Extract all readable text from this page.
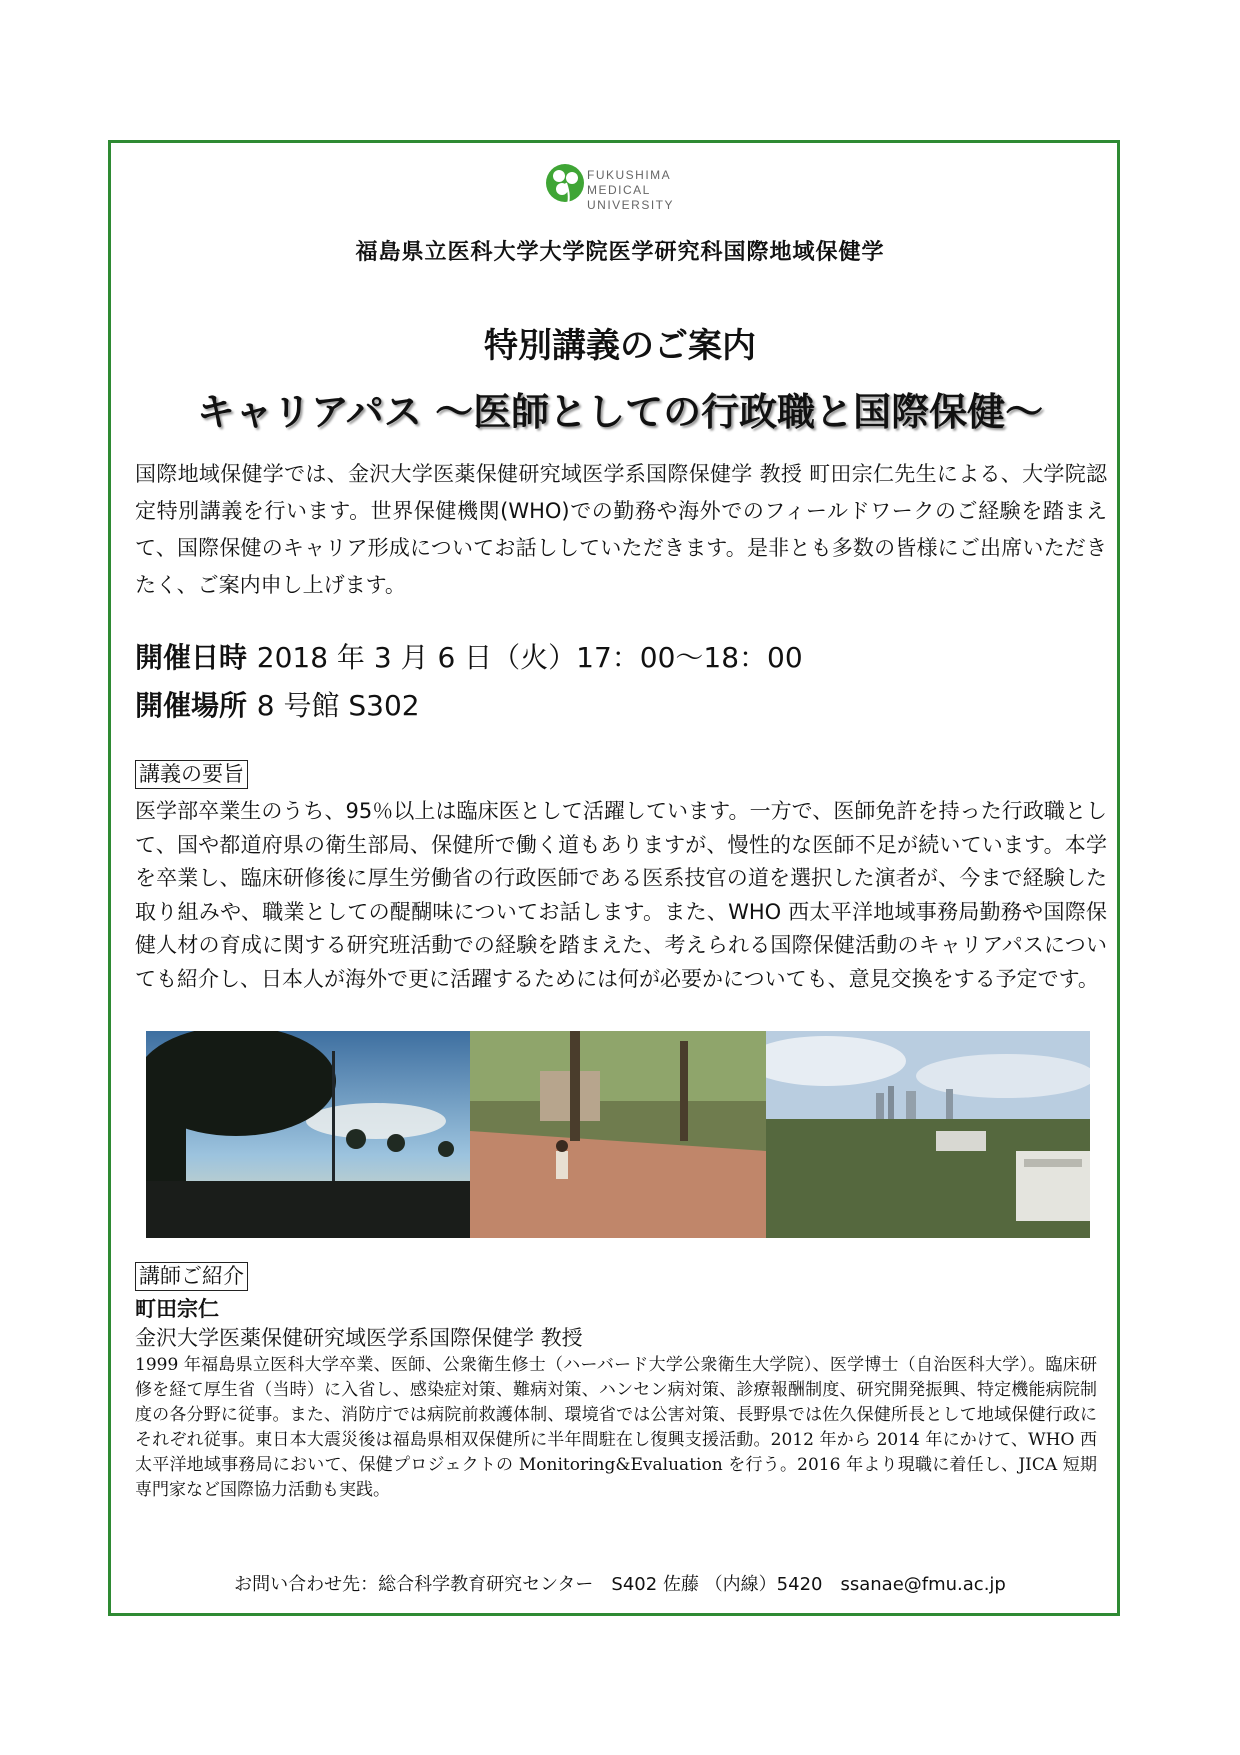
FUKUSHIMA
MEDICAL
UNIVERSITY
福島県立医科大学大学院医学研究科国際地域保健学
特別講義のご案内
キャリアパス ～医師としての行政職と国際保健～

国際地域保健学では、金沢大学医薬保健研究域医学系国際保健学 教授 町田宗仁先生による、大学院認定特別講義を行います。世界保健機関(WHO)での勤務や海外でのフィールドワークのご経験を踏まえて、国際保健のキャリア形成についてお話ししていただきます。是非とも多数の皆様にご出席いただきたく、ご案内申し上げます。

開催日時 2018 年 3 月 6 日（火）17：00～18：00
開催場所 8 号館 S302
講義の要旨

医学部卒業生のうち、95％以上は臨床医として活躍しています。一方で、医師免許を持った行政職として、国や都道府県の衛生部局、保健所で働く道もありますが、慢性的な医師不足が続いています。本学を卒業し、臨床研修後に厚生労働省の行政医師である医系技官の道を選択した演者が、今まで経験した取り組みや、職業としての醍醐味についてお話します。また、WHO 西太平洋地域事務局勤務や国際保健人材の育成に関する研究班活動での経験を踏まえた、考えられる国際保健活動のキャリアパスについても紹介し、日本人が海外で更に活躍するためには何が必要かについても、意見交換をする予定です。

講師ご紹介
町田宗仁
金沢大学医薬保健研究域医学系国際保健学 教授

1999 年福島県立医科大学卒業、医師、公衆衛生修士（ハーバード大学公衆衛生大学院）、医学博士（自治医科大学）。臨床研修を経て厚生省（当時）に入省し、感染症対策、難病対策、ハンセン病対策、診療報酬制度、研究開発振興、特定機能病院制度の各分野に従事。また、消防庁では病院前救護体制、環境省では公害対策、長野県では佐久保健所長として地域保健行政にそれぞれ従事。東日本大震災後は福島県相双保健所に半年間駐在し復興支援活動。2012 年から 2014 年にかけて、WHO 西太平洋地域事務局において、保健プロジェクトの Monitoring&Evaluation を行う。2016 年より現職に着任し、JICA 短期専門家など国際協力活動も実践。

お問い合わせ先：総合科学教育研究センター　S402 佐藤 （内線）5420　ssanae@fmu.ac.jp
